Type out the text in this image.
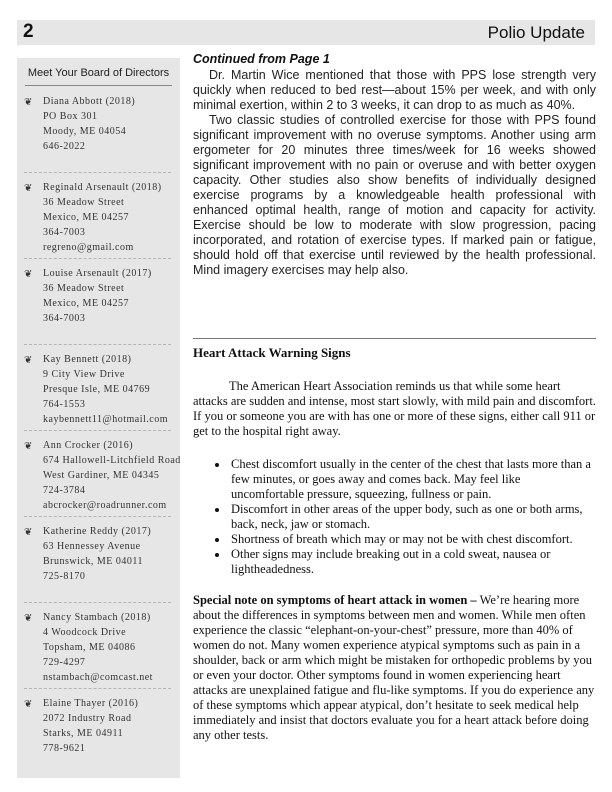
2	Polio Update
Meet Your Board of Directors
❦ Diana Abbott (2018)
PO Box 301
Moody, ME 04054
646-2022
❦ Reginald Arsenault (2018)
36 Meadow Street
Mexico, ME 04257
364-7003
regreno@gmail.com
❦ Louise Arsenault (2017)
36 Meadow Street
Mexico, ME 04257
364-7003
❦ Kay Bennett (2018)
9 City View Drive
Presque Isle, ME 04769
764-1553
kaybennett11@hotmail.com
❦ Ann Crocker (2016)
674 Hallowell-Litchfield Road
West Gardiner, ME 04345
724-3784
abcrocker@roadrunner.com
❦ Katherine Reddy (2017)
63 Hennessey Avenue
Brunswick, ME 04011
725-8170
❦ Nancy Stambach (2018)
4 Woodcock Drive
Topsham, ME 04086
729-4297
nstambach@comcast.net
❦ Elaine Thayer (2016)
2072 Industry Road
Starks, ME 04911
778-9621

Continued from Page 1

Dr. Martin Wice mentioned that those with PPS lose strength very quickly when reduced to bed rest—about 15% per week, and with only minimal exertion, within 2 to 3 weeks, it can drop to as much as 40%.

Two classic studies of controlled exercise for those with PPS found significant improvement with no overuse symptoms. Another using arm ergometer for 20 minutes three times/week for 16 weeks showed significant improvement with no pain or overuse and with better oxygen capacity. Other studies also show benefits of individually designed exercise programs by a knowledgeable health professional with enhanced optimal health, range of motion and capacity for activity. Exercise should be low to moderate with slow progression, pacing incorporated, and rotation of exercise types. If marked pain or fatigue, should hold off that exercise until reviewed by the health professional. Mind imagery exercises may help also.

Heart Attack Warning Signs

The American Heart Association reminds us that while some heart attacks are sudden and intense, most start slowly, with mild pain and discomfort. If you or someone you are with has one or more of these signs, either call 911 or get to the hospital right away.

• Chest discomfort usually in the center of the chest that lasts more than a few minutes, or goes away and comes back. May feel like uncomfortable pressure, squeezing, fullness or pain.
• Discomfort in other areas of the upper body, such as one or both arms, back, neck, jaw or stomach.
• Shortness of breath which may or may not be with chest discomfort.
• Other signs may include breaking out in a cold sweat, nausea or lightheadedness.

Special note on symptoms of heart attack in women – We’re hearing more about the differences in symptoms between men and women. While men often experience the classic “elephant-on-your-chest” pressure, more than 40% of women do not. Many women experience atypical symptoms such as pain in a shoulder, back or arm which might be mistaken for orthopedic problems by you or even your doctor. Other symptoms found in women experiencing heart attacks are unexplained fatigue and flu-like symptoms. If you do experience any of these symptoms which appear atypical, don’t hesitate to seek medical help immediately and insist that doctors evaluate you for a heart attack before doing any other tests.
